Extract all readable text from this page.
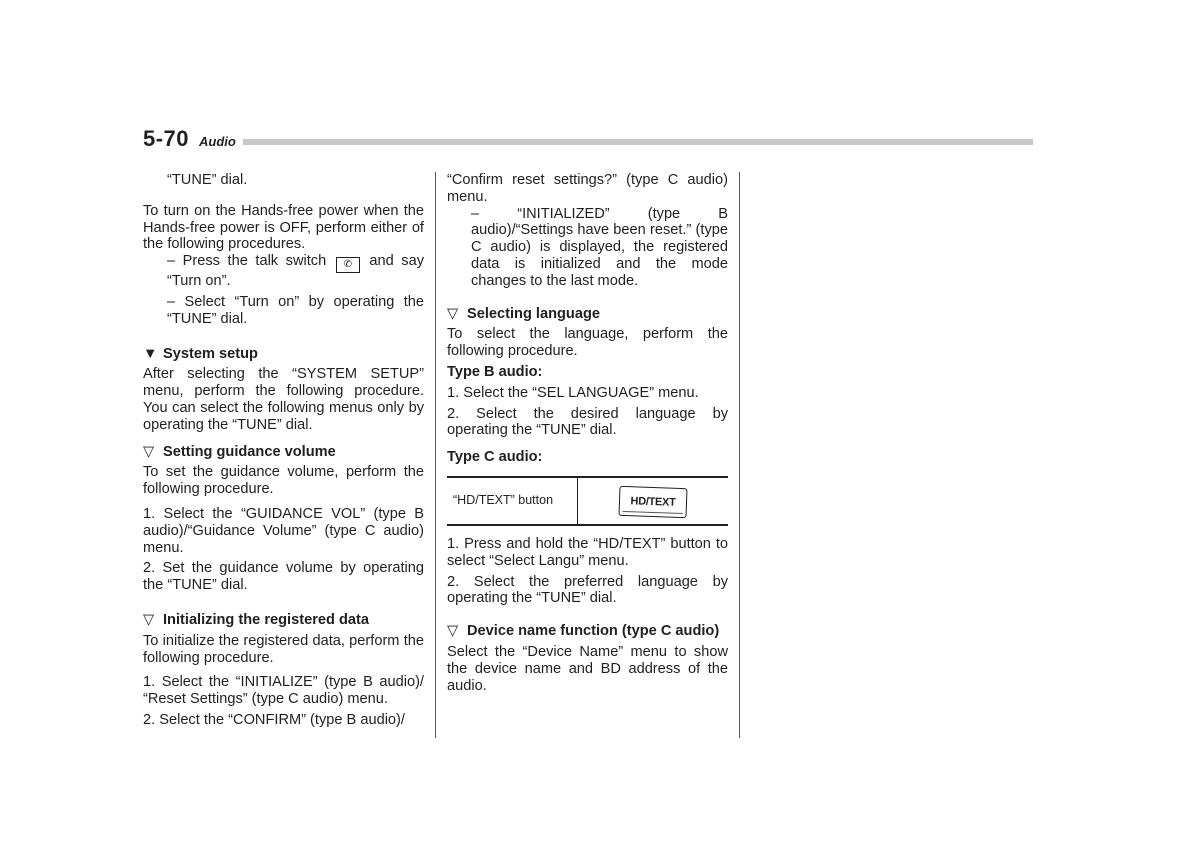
5-70 Audio

“TUNE” dial.

To turn on the Hands-free power when the Hands-free power is OFF, perform either of the following procedures.

– Press the talk switch ✆ and say “Turn on”.

– Select “Turn on” by operating the “TUNE” dial.

▼ System setup

After selecting the “SYSTEM SETUP” menu, perform the following procedure. You can select the following menus only by operating the “TUNE” dial.

▽ Setting guidance volume

To set the guidance volume, perform the following procedure.

1. Select the “GUIDANCE VOL” (type B audio)/“Guidance Volume” (type C audio) menu.

2. Set the guidance volume by operating the “TUNE” dial.

▽ Initializing the registered data

To initialize the registered data, perform the following procedure.

1. Select the “INITIALIZE” (type B audio)/ “Reset Settings” (type C audio) menu.

2. Select the “CONFIRM” (type B audio)/

“Confirm reset settings?” (type C audio) menu.

– “INITIALIZED” (type B audio)/“Settings have been reset.” (type C audio) is displayed, the registered data is initialized and the mode changes to the last mode.

▽ Selecting language

To select the language, perform the following procedure.

Type B audio:

1. Select the “SEL LANGUAGE” menu.

2. Select the desired language by operating the “TUNE” dial.

Type C audio:

“HD/TEXT” button	HD/TEXT

1. Press and hold the “HD/TEXT” button to select “Select Langu” menu.

2. Select the preferred language by operating the “TUNE” dial.

▽ Device name function (type C audio)

Select the “Device Name” menu to show the device name and BD address of the audio.
